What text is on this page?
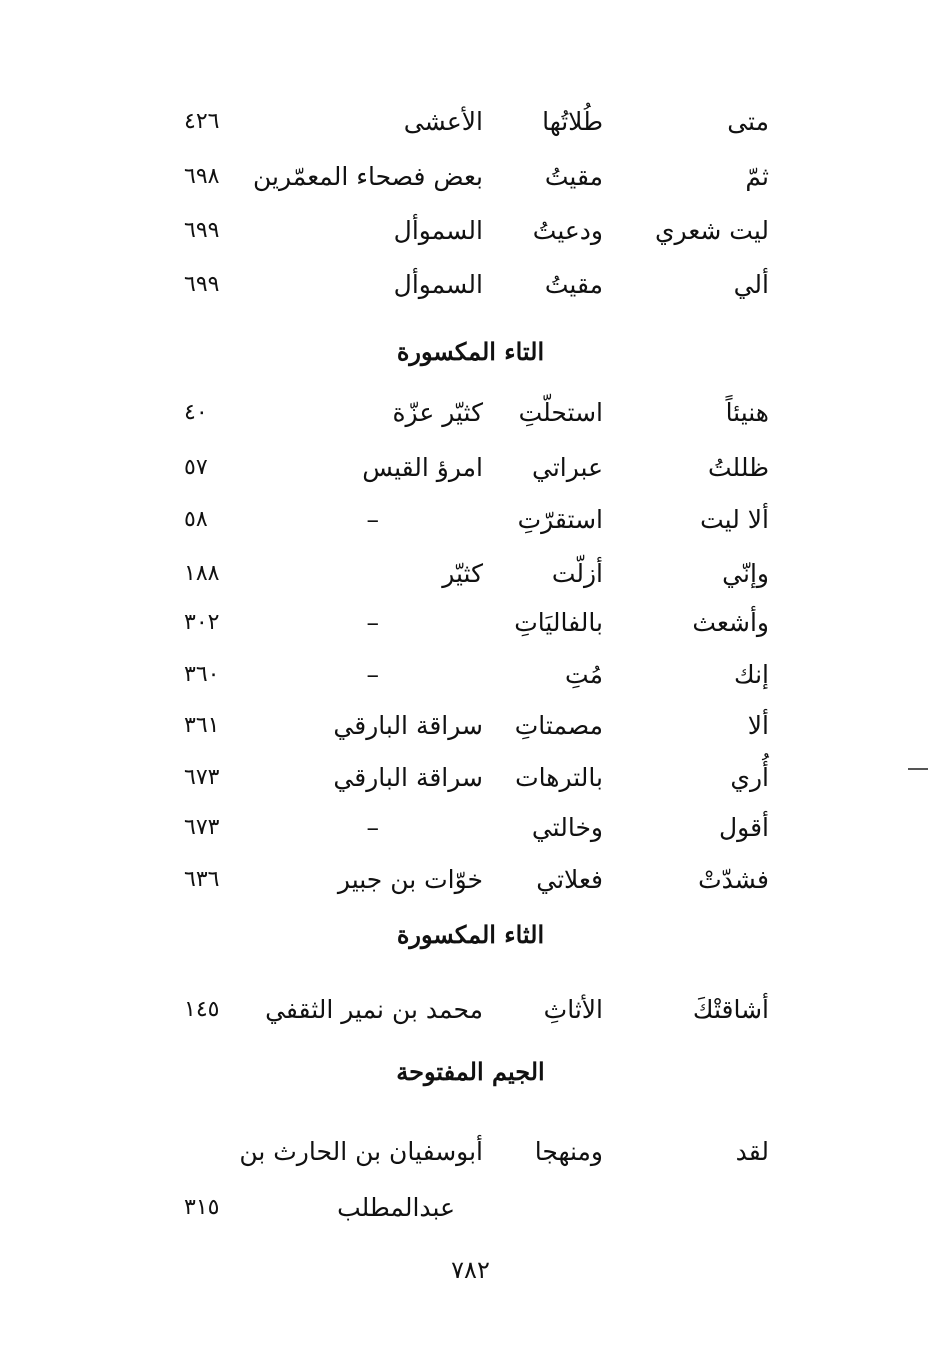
متى
طُلاتُها
الأعشى
٤٢٦
ثمّ
مقيتُ
بعض فصحاء المعمّرين
٦٩٨
ليت شعري
ودعيتُ
السموأل
٦٩٩
ألي
مقيتُ
السموأل
٦٩٩
التاء المكسورة
هنيئاً
استحلّتِ
كثيّر عزّة
٤٠
ظللتُ
عبراتي
امرؤ القيس
٥٧
ألا ليت
استقرّتِ
–
٥٨
وإنّي
أزلّت
كثيّر
١٨٨
وأشعث
بالفاليَاتِ
–
٣٠٢
إنك
مُتِ
–
٣٦٠
ألا
مصمتاتِ
سراقة البارقي
٣٦١
أُري
بالترهات
سراقة البارقي
٦٧٣
أقول
وخالتي
–
٦٧٣
فشدّتْ
فعلاتي
خوّات بن جبير
٦٣٦
الثاء المكسورة
أشاقتْكَ
الأثاثِ
محمد بن نمير الثقفي
١٤٥
الجيم المفتوحة
لقد
ومنهجا
أبوسفيان بن الحارث بن
عبدالمطلب
٣١٥
٧٨٢
